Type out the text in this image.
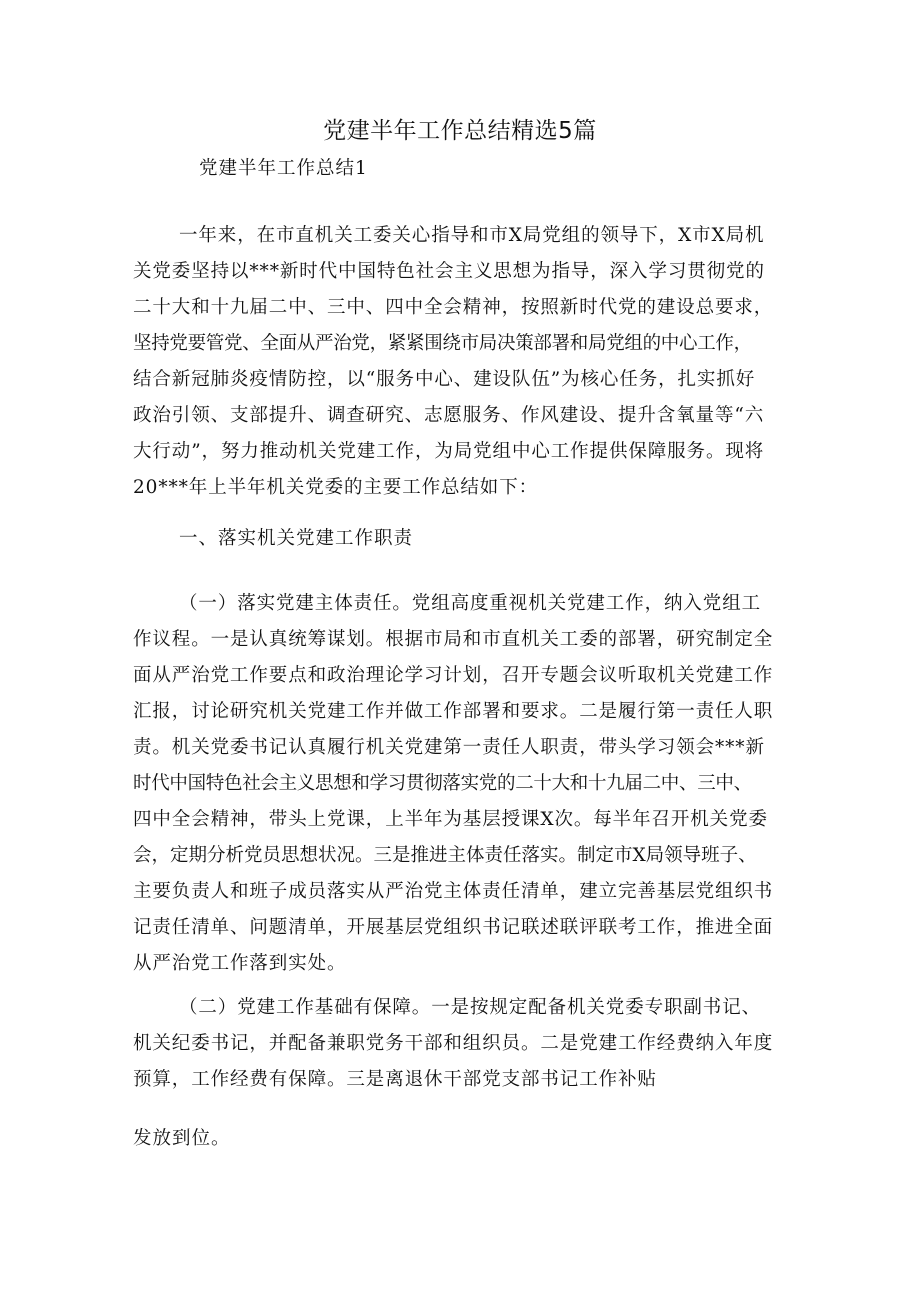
党建半年工作总结精选5篇
党建半年工作总结1
一年来，在市直机关工委关心指导和市X局党组的领导下，X市X局机
关党委坚持以***新时代中国特色社会主义思想为指导，深入学习贯彻党的
二十大和十九届二中、三中、四中全会精神，按照新时代党的建设总要求，
坚持党要管党、全面从严治党，紧紧围绕市局决策部署和局党组的中心工作，
结合新冠肺炎疫情防控，以“服务中心、建设队伍”为核心任务，扎实抓好
政治引领、支部提升、调查研究、志愿服务、作风建设、提升含氧量等“六
大行动”，努力推动机关党建工作，为局党组中心工作提供保障服务。现将
20***年上半年机关党委的主要工作总结如下：
一、落实机关党建工作职责
（一）落实党建主体责任。党组高度重视机关党建工作，纳入党组工
作议程。一是认真统筹谋划。根据市局和市直机关工委的部署，研究制定全
面从严治党工作要点和政治理论学习计划，召开专题会议听取机关党建工作
汇报，讨论研究机关党建工作并做工作部署和要求。二是履行第一责任人职
责。机关党委书记认真履行机关党建第一责任人职责，带头学习领会***新
时代中国特色社会主义思想和学习贯彻落实党的二十大和十九届二中、三中、
四中全会精神，带头上党课，上半年为基层授课X次。每半年召开机关党委
会，定期分析党员思想状况。三是推进主体责任落实。制定市X局领导班子、
主要负责人和班子成员落实从严治党主体责任清单，建立完善基层党组织书
记责任清单、问题清单，开展基层党组织书记联述联评联考工作，推进全面
从严治党工作落到实处。
（二）党建工作基础有保障。一是按规定配备机关党委专职副书记、
机关纪委书记，并配备兼职党务干部和组织员。二是党建工作经费纳入年度
预算，工作经费有保障。三是离退休干部党支部书记工作补贴
发放到位。
